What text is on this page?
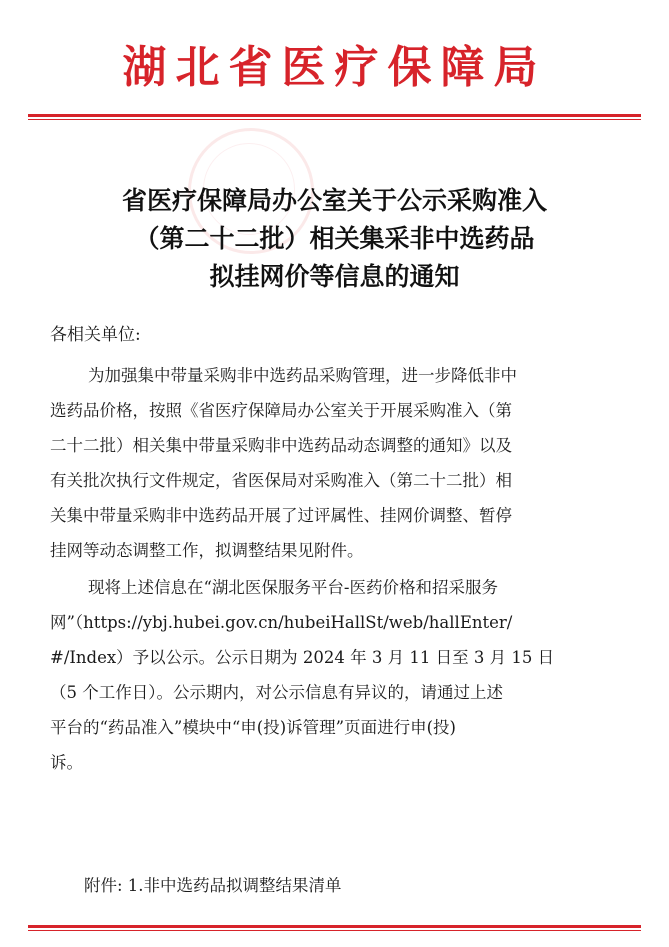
湖北省医疗保障局
省医疗保障局办公室关于公示采购准入
（第二十二批）相关集采非中选药品
拟挂网价等信息的通知
各相关单位:
为加强集中带量采购非中选药品采购管理，进一步降低非中
选药品价格，按照《省医疗保障局办公室关于开展采购准入（第
二十二批）相关集中带量采购非中选药品动态调整的通知》以及
有关批次执行文件规定，省医保局对采购准入（第二十二批）相
关集中带量采购非中选药品开展了过评属性、挂网价调整、暂停
挂网等动态调整工作，拟调整结果见附件。
现将上述信息在“湖北医保服务平台-医药价格和招采服务
网”（https://ybj.hubei.gov.cn/hubeiHallSt/web/hallEnter/
#/Index）予以公示。公示日期为 2024 年 3 月 11 日至 3 月 15 日
（5 个工作日）。公示期内，对公示信息有异议的，请通过上述
平台的“药品准入”模块中“申(投)诉管理”页面进行申(投)
诉。
附件: 1.非中选药品拟调整结果清单
